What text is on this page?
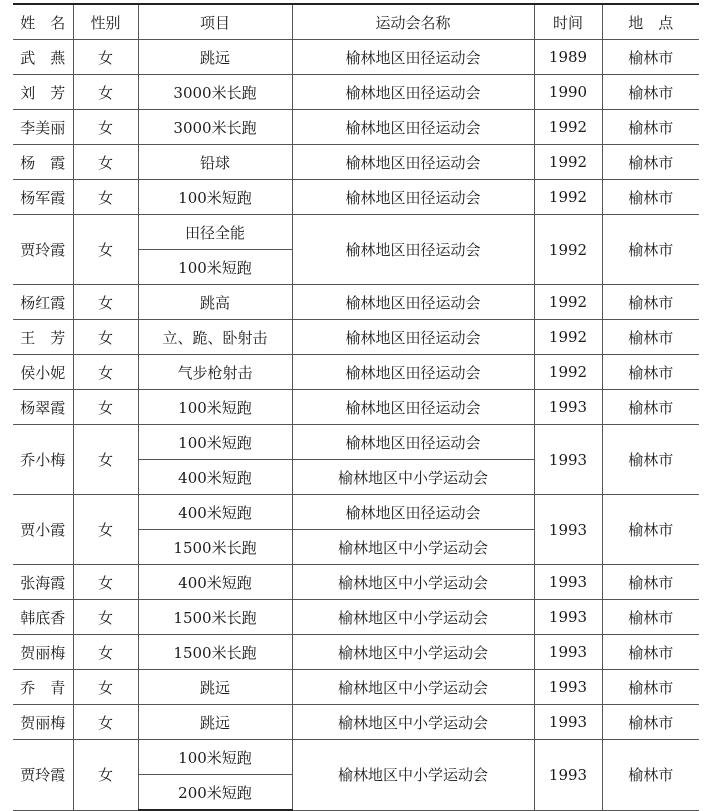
姓　名	性别	项目	运动会名称	时间	地　点
武　燕	女	跳远	榆林地区田径运动会	1989	榆林市
刘　芳	女	3000米长跑	榆林地区田径运动会	1990	榆林市
李美丽	女	3000米长跑	榆林地区田径运动会	1992	榆林市
杨　霞	女	铅球	榆林地区田径运动会	1992	榆林市
杨军霞	女	100米短跑	榆林地区田径运动会	1992	榆林市
贾玲霞	女	田径全能	榆林地区田径运动会	1992	榆林市
		100米短跑			
杨红霞	女	跳高	榆林地区田径运动会	1992	榆林市
王　芳	女	立、跪、卧射击	榆林地区田径运动会	1992	榆林市
侯小妮	女	气步枪射击	榆林地区田径运动会	1992	榆林市
杨翠霞	女	100米短跑	榆林地区田径运动会	1993	榆林市
乔小梅	女	100米短跑	榆林地区田径运动会	1993	榆林市
		400米短跑	榆林地区中小学运动会		
贾小霞	女	400米短跑	榆林地区田径运动会	1993	榆林市
		1500米长跑	榆林地区中小学运动会		
张海霞	女	400米短跑	榆林地区中小学运动会	1993	榆林市
韩底香	女	1500米长跑	榆林地区中小学运动会	1993	榆林市
贺丽梅	女	1500米长跑	榆林地区中小学运动会	1993	榆林市
乔　青	女	跳远	榆林地区中小学运动会	1993	榆林市
贺丽梅	女	跳远	榆林地区中小学运动会	1993	榆林市
贾玲霞	女	100米短跑	榆林地区中小学运动会	1993	榆林市
		200米短跑			
